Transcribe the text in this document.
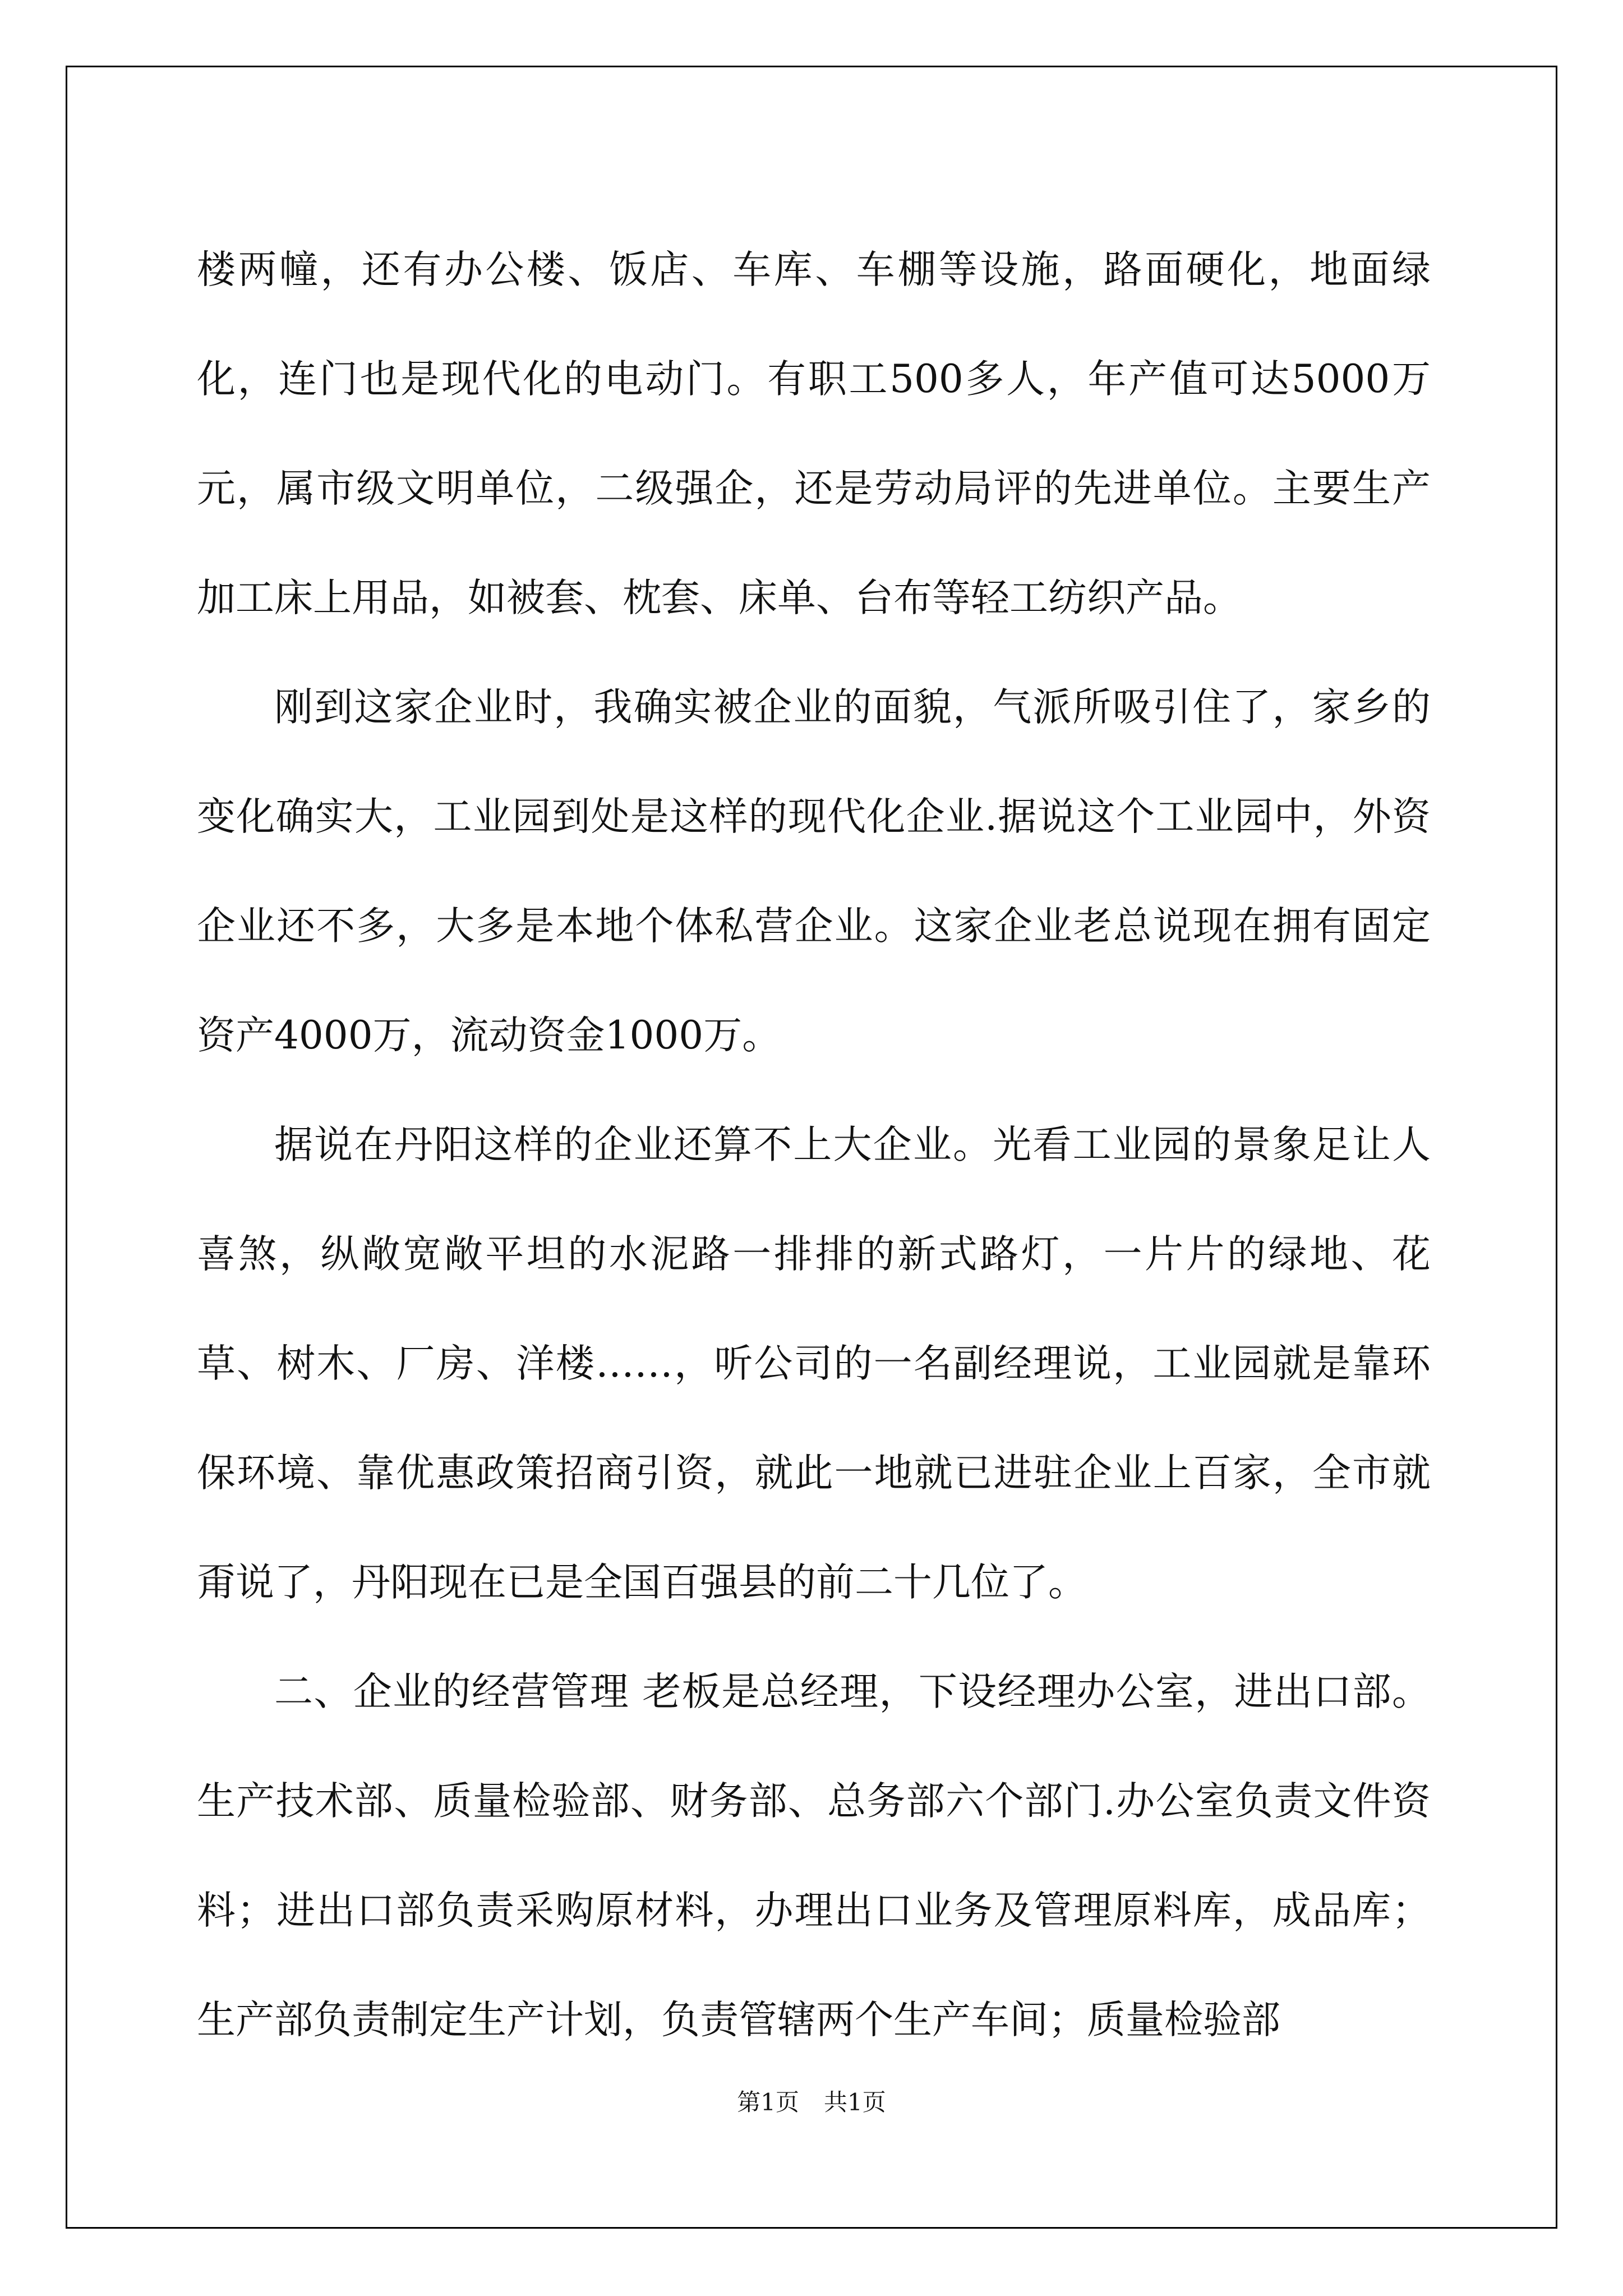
楼两幢，还有办公楼、饭店、车库、车棚等设施，路面硬化，地面绿化，连门也是现代化的电动门。有职工500多人，年产值可达5000万元，属市级文明单位，二级强企，还是劳动局评的先进单位。主要生产加工床上用品，如被套、枕套、床单、台布等轻工纺织产品。

刚到这家企业时，我确实被企业的面貌，气派所吸引住了，家乡的变化确实大，工业园到处是这样的现代化企业.据说这个工业园中，外资企业还不多，大多是本地个体私营企业。这家企业老总说现在拥有固定资产4000万，流动资金1000万。

据说在丹阳这样的企业还算不上大企业。光看工业园的景象足让人喜煞，纵敞宽敞平坦的水泥路一排排的新式路灯，一片片的绿地、花草、树木、厂房、洋楼……，听公司的一名副经理说，工业园就是靠环保环境、靠优惠政策招商引资，就此一地就已进驻企业上百家，全市就甭说了，丹阳现在已是全国百强县的前二十几位了。

二、企业的经营管理 老板是总经理，下设经理办公室，进出口部。生产技术部、质量检验部、财务部、总务部六个部门.办公室负责文件资料；进出口部负责采购原材料，办理出口业务及管理原料库，成品库；生产部负责制定生产计划，负责管辖两个生产车间；质量检验部

第1页 共1页
